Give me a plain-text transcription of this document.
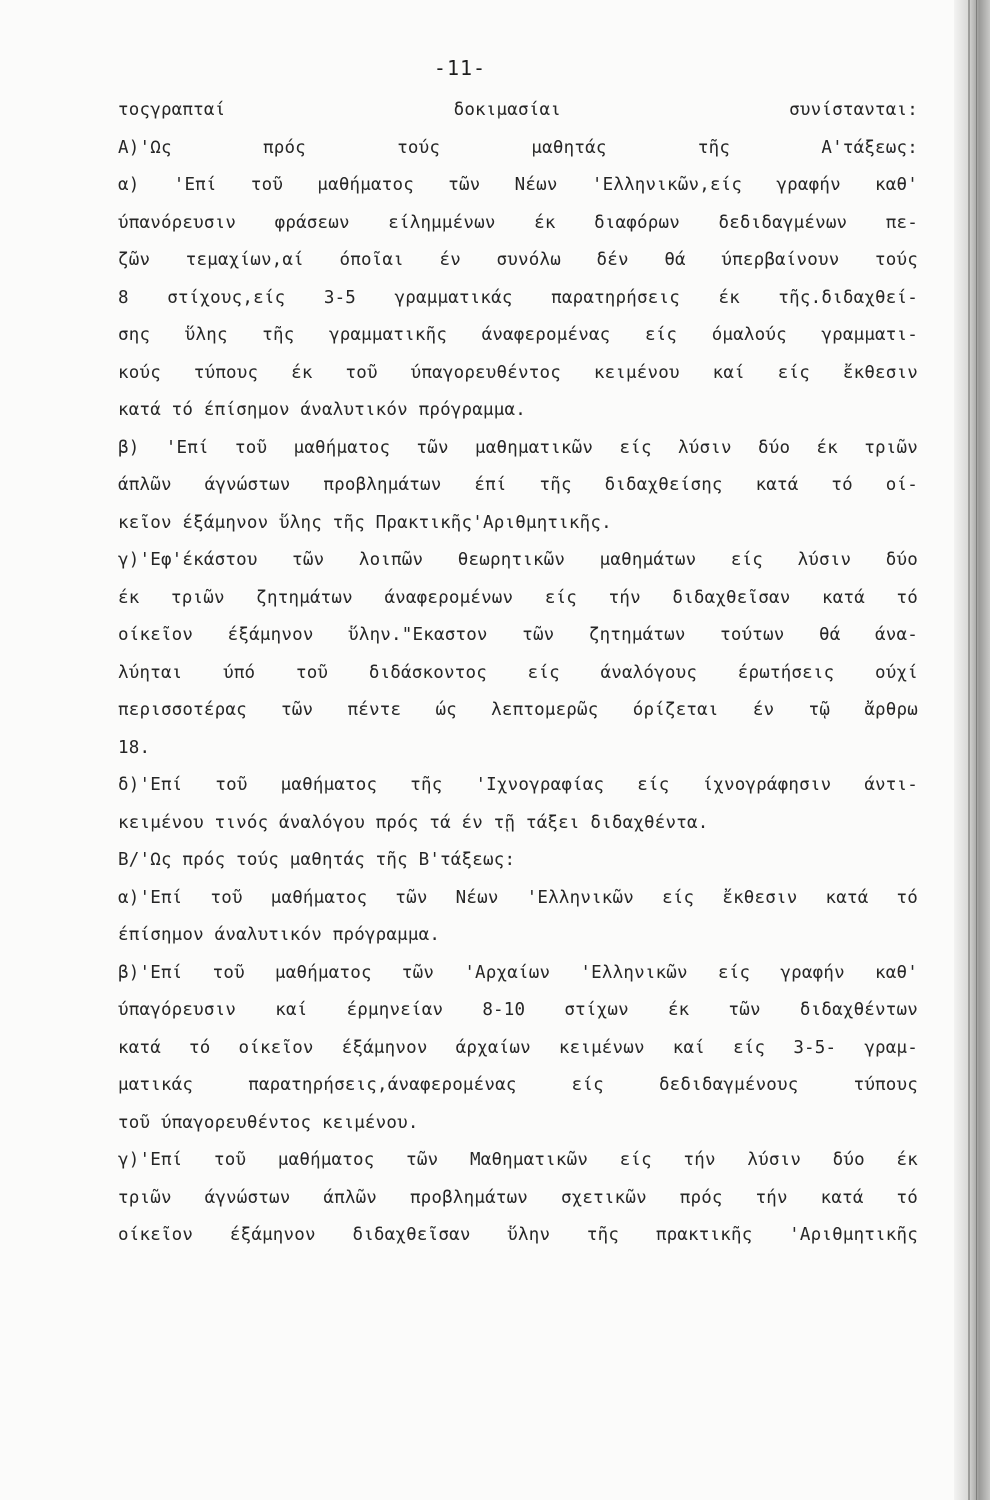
-11-
τοςγραπταί δοκιμασίαι συνίστανται:
Α)'Ως πρός τούς μαθητάς τῆς Α'τάξεως:
α) 'Επί τοῦ μαθήματος τῶν Νέων 'Ελληνικῶν,είς γραφήν καθ'
ύπανόρευσιν φράσεων είλημμένων έκ διαφόρων δεδιδαγμένων πε-
ζῶν τεμαχίων,αί όποῖαι έν συνόλω δέν θά ύπερβαίνουν τούς
8 στίχους,είς 3-5 γραμματικάς παρατηρήσεις έκ τῆς.διδαχθεί-
σης ὕλης τῆς γραμματικῆς άναφερομένας είς όμαλούς γραμματι-
κούς τύπους έκ τοῦ ύπαγορευθέντος κειμένου καί είς ἔκθεσιν
κατά τό έπίσημον άναλυτικόν πρόγραμμα.
β) 'Επί τοῦ μαθήματος τῶν μαθηματικῶν είς λύσιν δύο έκ τριῶν
άπλῶν άγνώστων προβλημάτων έπί τῆς διδαχθείσης κατά τό οί-
κεῖον έξάμηνον ὕλης τῆς Πρακτικῆς'Αριθμητικῆς.
γ)'Εφ'έκάστου τῶν λοιπῶν θεωρητικῶν μαθημάτων είς λύσιν δύο
έκ τριῶν ζητημάτων άναφερομένων είς τήν διδαχθεῖσαν κατά τό
οίκεῖον έξάμηνον ὕλην."Εκαστον τῶν ζητημάτων τούτων θά άνα-
λύηται ύπό τοῦ διδάσκοντος είς άναλόγους έρωτήσεις ούχί
περισσοτέρας τῶν πέντε ώς λεπτομερῶς όρίζεται έν τῷ ἄρθρω
18.
δ)'Επί τοῦ μαθήματος τῆς 'Ιχνογραφίας είς ίχνογράφησιν άντι-
κειμένου τινός άναλόγου πρός τά έν τῇ τάξει διδαχθέντα.
Β/'Ως πρός τούς μαθητάς τῆς Β'τάξεως:
α)'Επί τοῦ μαθήματος τῶν Νέων 'Ελληνικῶν είς ἔκθεσιν κατά τό
έπίσημον άναλυτικόν πρόγραμμα.
β)'Επί τοῦ μαθήματος τῶν 'Αρχαίων 'Ελληνικῶν είς γραφήν καθ'
ύπαγόρευσιν καί έρμηνείαν 8-10 στίχων έκ τῶν διδαχθέντων
κατά τό οίκεῖον έξάμηνον άρχαίων κειμένων καί είς 3-5- γραμ-
ματικάς παρατηρήσεις,άναφερομένας είς δεδιδαγμένους τύπους
τοῦ ύπαγορευθέντος κειμένου.
γ)'Επί τοῦ μαθήματος τῶν Μαθηματικῶν είς τήν λύσιν δύο έκ
τριῶν άγνώστων άπλῶν προβλημάτων σχετικῶν πρός τήν κατά τό
οίκεῖον έξάμηνον διδαχθεῖσαν ὕλην τῆς πρακτικῆς 'Αριθμητικῆς
